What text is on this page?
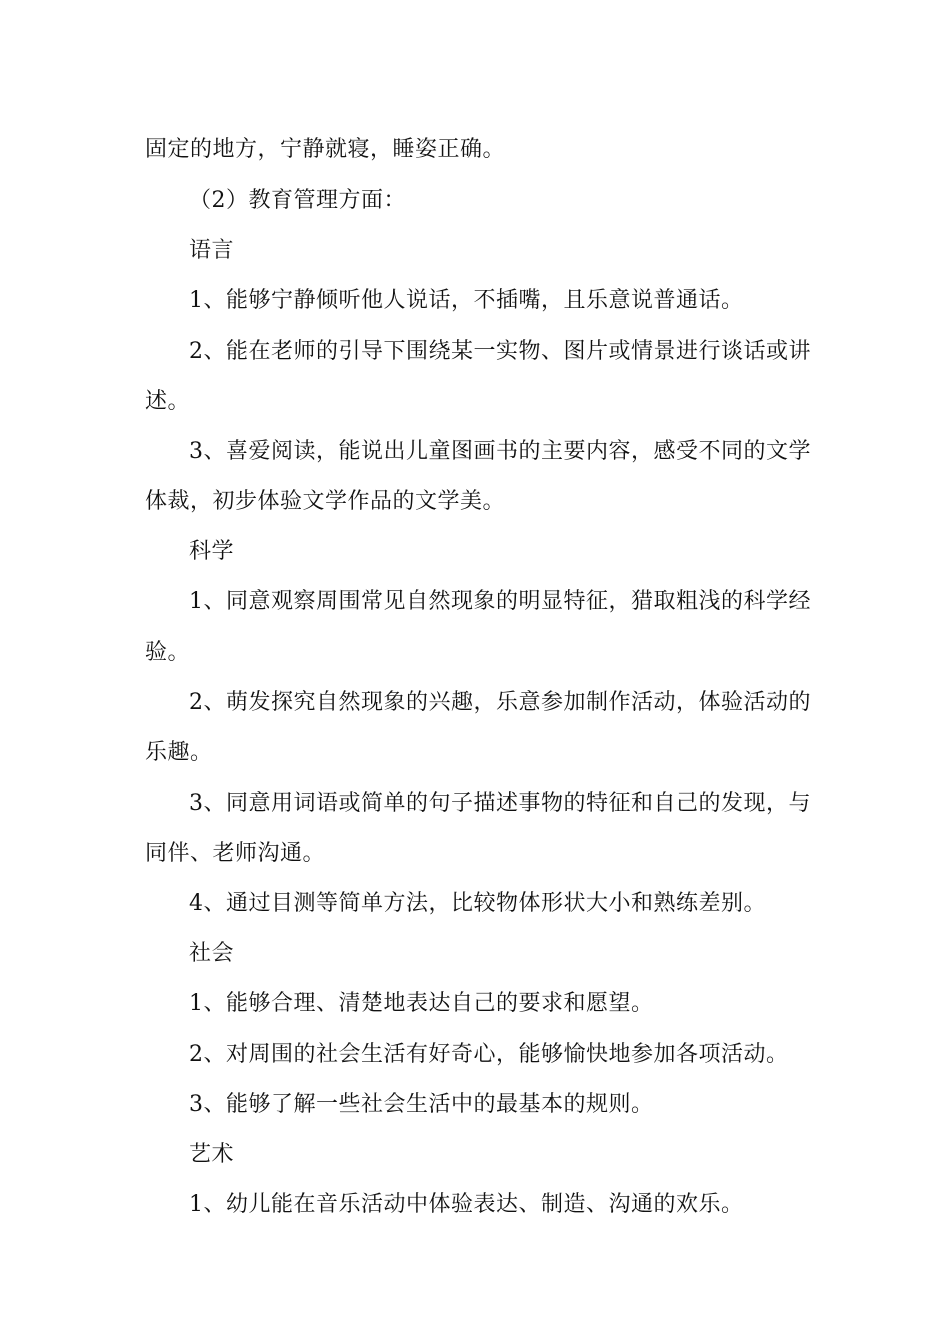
固定的地方，宁静就寝，睡姿正确。
（2）教育管理方面：
语言
1、能够宁静倾听他人说话，不插嘴，且乐意说普通话。
2、能在老师的引导下围绕某一实物、图片或情景进行谈话或讲
述。
3、喜爱阅读，能说出儿童图画书的主要内容，感受不同的文学
体裁，初步体验文学作品的文学美。
科学
1、同意观察周围常见自然现象的明显特征，猎取粗浅的科学经
验。
2、萌发探究自然现象的兴趣，乐意参加制作活动，体验活动的
乐趣。
3、同意用词语或简单的句子描述事物的特征和自己的发现，与
同伴、老师沟通。
4、通过目测等简单方法，比较物体形状大小和熟练差别。
社会
1、能够合理、清楚地表达自己的要求和愿望。
2、对周围的社会生活有好奇心，能够愉快地参加各项活动。
3、能够了解一些社会生活中的最基本的规则。
艺术
1、幼儿能在音乐活动中体验表达、制造、沟通的欢乐。
